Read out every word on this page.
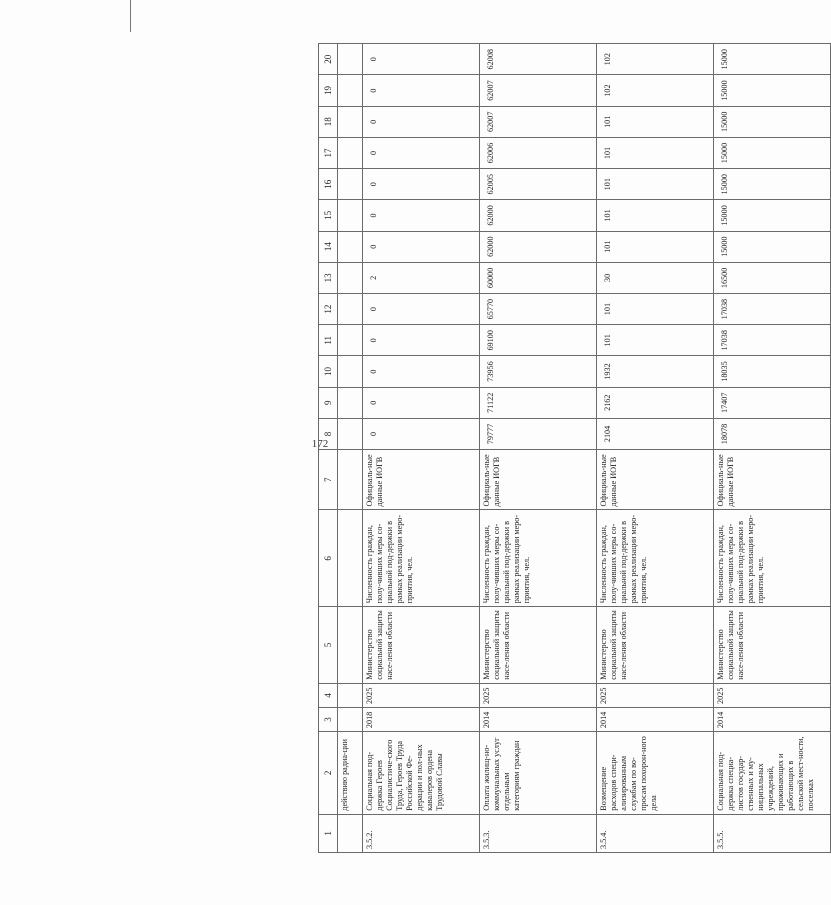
172
1	2	3	4	5	6	7	8	9	10	11	12	13	14	15	16	17	18	19	20
	действию радиа-ции																		
3.5.2.	Социальная под-держка Героев Социалистиче-ского Труда, Героев Труда Российской Фе-дерации и пол-ных кавалеров ордена Трудовой Славы	2018	2025	Министерство социальной защиты насе-ления области	Численность граждан, полу-чивших меры со-циальной под-держки в рамках реализации меро-приятия, чел.	Официаль-ные данные ИОГВ	0	0	0	0	0	2	0	0	0	0	0	0	0
3.5.3.	Оплата жилищ-но-коммунальных услуг отдельным категориям граждан	2014	2025	Министерство социальной защиты насе-ления области	Численность граждан, полу-чивших меры со-циальной под-держки в рамках реализации меро-приятия, чел.	Официаль-ные данные ИОГВ	79777	71122	73956	69100	65770	60000	62000	62000	62005	62006	62007	62007	62008
3.5.4.	Возмещение расходов специ-ализированным службам по во-просам похорон-ного дела	2014	2025	Министерство социальной защиты насе-ления области	Численность граждан, полу-чивших меры со-циальной под-держки в рамках реализации меро-приятия, чел.	Официаль-ные данные ИОГВ	2104	2162	1932	101	101	30	101	101	101	101	101	102	102
3.5.5.	Социальная под-держка специа-листов государ-ственных и му-ниципальных учреждений, проживающих и работающих в сельской мест-ности, поселках	2014	2025	Министерство социальной защиты насе-ления области	Численность граждан, полу-чивших меры со-циальной под-держки в рамках реализации меро-приятия, чел.	Официаль-ные данные ИОГВ	18078	17407	18035	17038	17038	16500	15000	15000	15000	15000	15000	15000	15000
